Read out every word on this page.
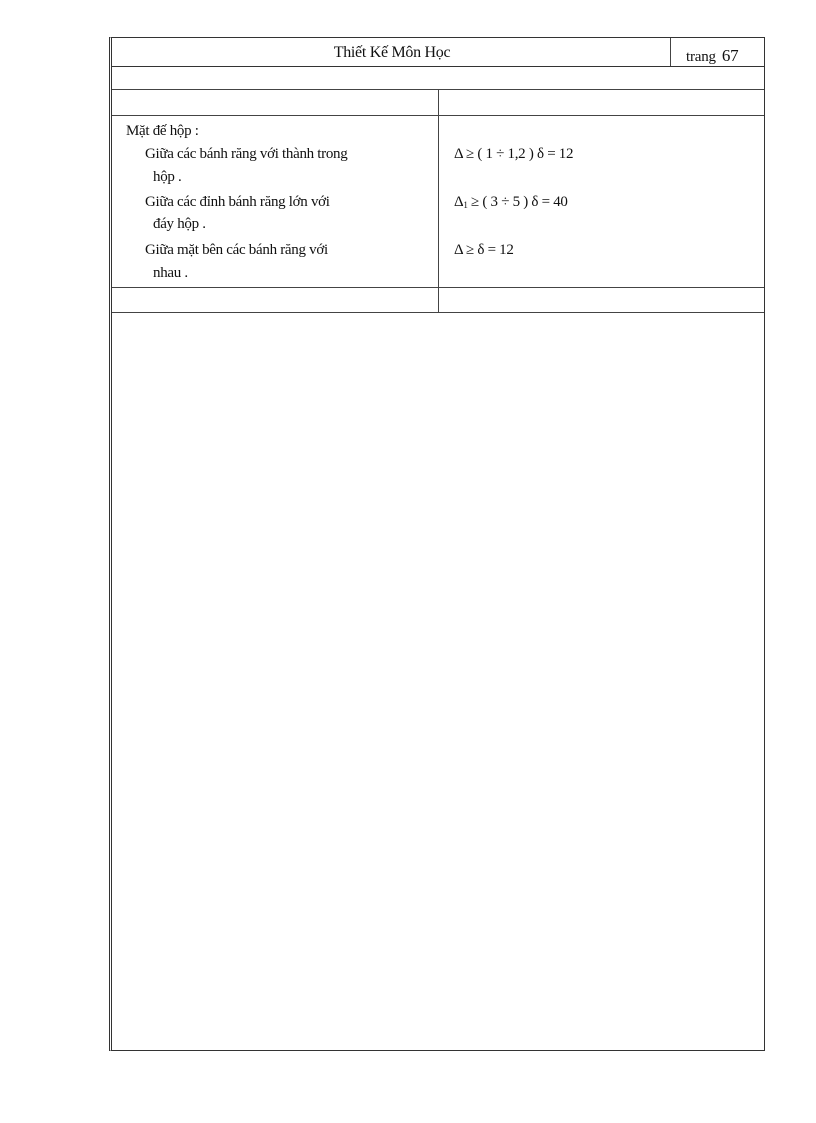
Thiết Kế Môn Học	trang 67
Mặt đế hộp :
Giữa các bánh răng với thành trong
hộp .
Δ ≥ ( 1 ÷ 1,2 ) δ = 12
Giữa các đỉnh bánh răng lớn với
đáy hộp .
$\Delta_1$ ≥ ( 3 ÷ 5 ) δ = 40
Giữa mặt bên các bánh răng với
nhau .
Δ ≥ δ = 12
